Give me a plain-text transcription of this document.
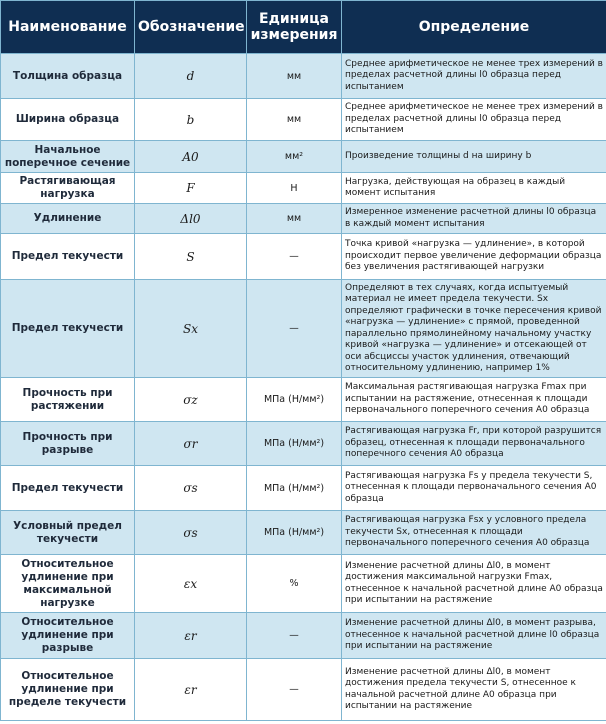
Наименование	Обозначение	Единица измерения	Определение
Толщина образца	d	мм	Среднее арифметическое не менее трех измерений в пределах расчетной длины l0 образца перед испытанием
Ширина образца	b	мм	Среднее арифметическое не менее трех измерений в пределах расчетной длины l0 образца перед испытанием
Начальное поперечное сечение	A0	мм²	Произведение толщины d на ширину b
Растягивающая нагрузка	F	Н	Нагрузка, действующая на образец в каждый момент испытания
Удлинение	Δl0	мм	Измеренное изменение расчетной длины l0 образца в каждый момент испытания
Предел текучести	S	—	Точка кривой «нагрузка — удлинение», в которой происходит первое увеличение деформации образца без увеличения растягивающей нагрузки
Предел текучести	Sx	—	Определяют в тех случаях, когда испытуемый материал не имеет предела текучести. Sx определяют графически в точке пересечения кривой «нагрузка — удлинение» с прямой, проведенной параллельно прямолинейному начальному участку кривой «нагрузка — удлинение» и отсекающей от оси абсциссы участок удлинения, отвечающий относительному удлинению, например 1%
Прочность при растяжении	σz	МПа (Н/мм²)	Максимальная растягивающая нагрузка Fmax при испытании на растяжение, отнесенная к площади первоначального поперечного сечения A0 образца
Прочность при разрыве	σr	МПа (Н/мм²)	Растягивающая нагрузка Fr, при которой разрушится образец, отнесенная к площади первоначального поперечного сечения A0 образца
Предел текучести	σs	МПа (Н/мм²)	Растягивающая нагрузка Fs у предела текучести S, отнесенная к площади первоначального сечения A0 образца
Условный предел текучести	σs	МПа (Н/мм²)	Растягивающая нагрузка Fsx у условного предела текучести Sx, отнесенная к площади первоначального поперечного сечения A0 образца
Относительное удлинение при максимальной нагрузке	εx	%	Изменение расчетной длины Δl0, в момент достижения максимальной нагрузки Fmax, отнесенное к начальной расчетной длине A0 образца при испытании на растяжение
Относительное удлинение при разрыве	εr	—	Изменение расчетной длины Δl0, в момент разрыва, отнесенное к начальной расчетной длине l0 образца при испытании на растяжение
Относительное удлинение при пределе текучести	εr	—	Изменение расчетной длины Δl0, в момент достижения предела текучести S, отнесенное к начальной расчетной длине A0 образца при испытании на растяжение
